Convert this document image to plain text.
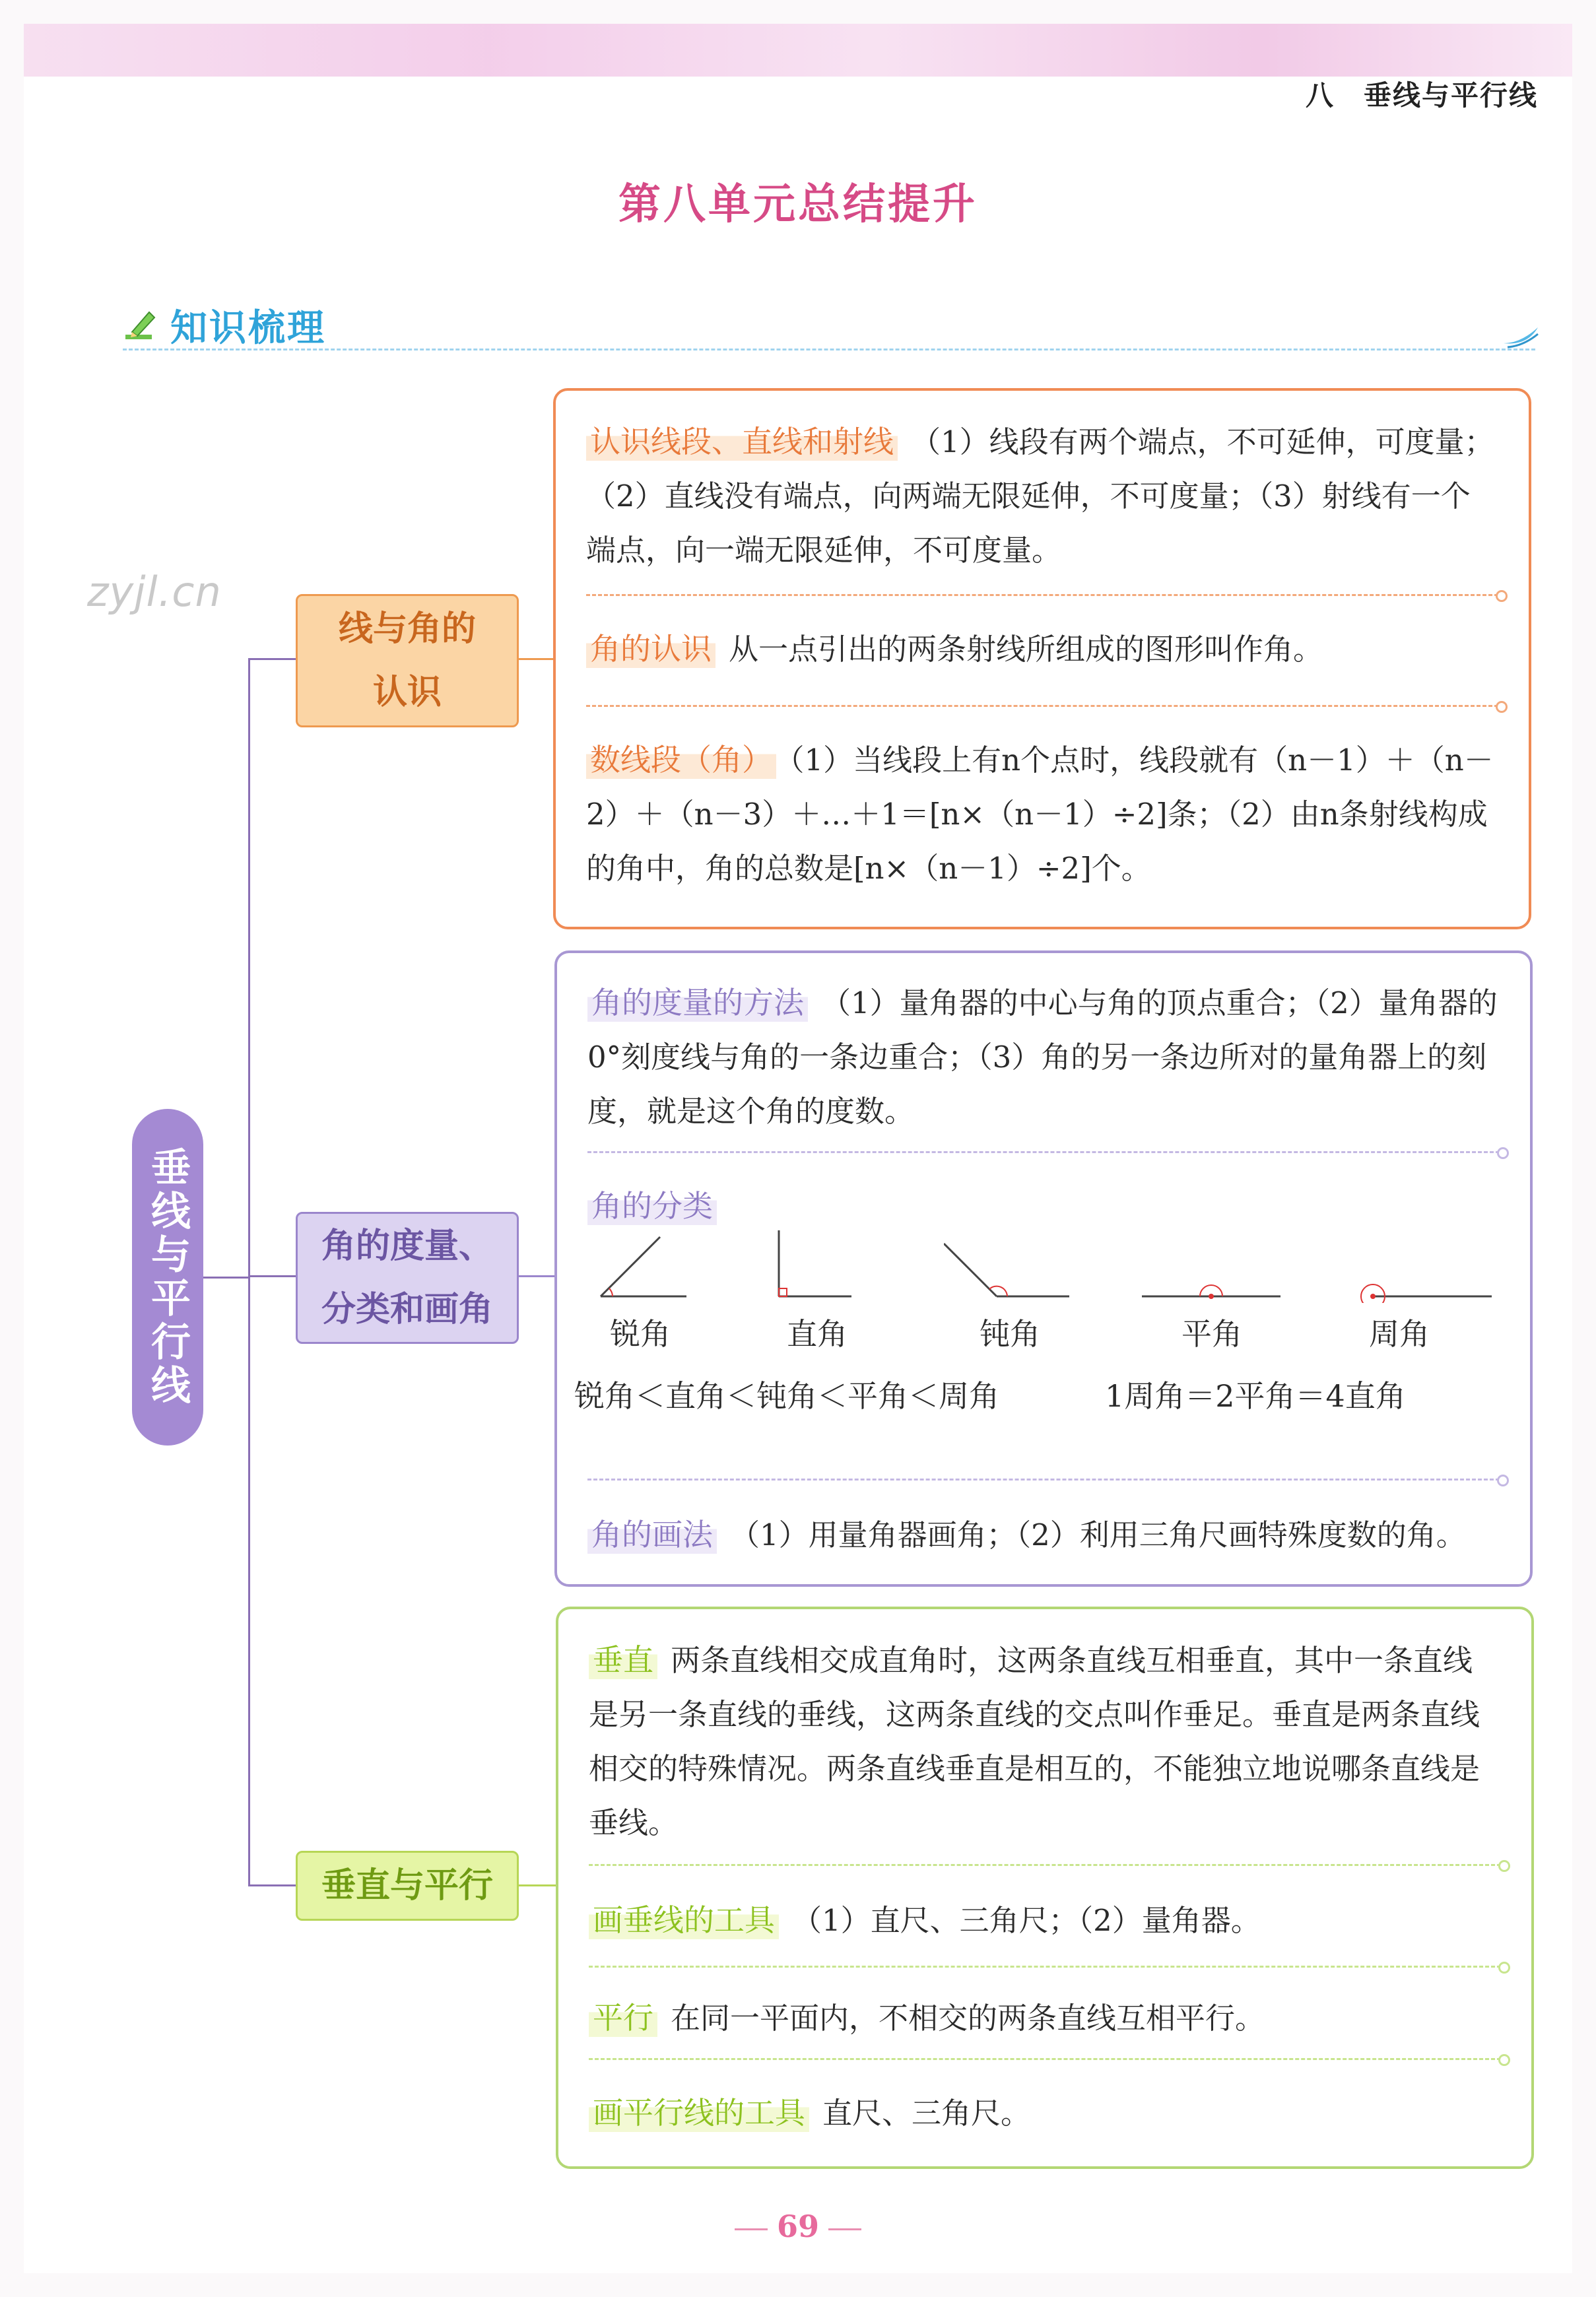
八　垂线与平行线
第八单元总结提升
知识梳理
zyjl.cn
垂线与平行线
线与角的
认识
角的度量、
分类和画角
垂直与平行
认识线段、直线和射线 （1）线段有两个端点，不可延伸，可度量；（2）直线没有端点，向两端无限延伸，不可度量；（3）射线有一个端点，向一端无限延伸，不可度量。
角的认识 从一点引出的两条射线所组成的图形叫作角。
数线段（角） （1）当线段上有n个点时，线段就有（n－1）＋（n－2）＋（n－3）＋…＋1＝[n×（n－1）÷2]条；（2）由n条射线构成的角中，角的总数是[n×（n－1）÷2]个。
角的度量的方法 （1）量角器的中心与角的顶点重合；（2）量角器的0°刻度线与角的一条边重合；（3）角的另一条边所对的量角器上的刻度，就是这个角的度数。
角的分类
锐角	直角	钝角	平角	周角
锐角＜直角＜钝角＜平角＜周角	1周角＝2平角＝4直角
角的画法 （1）用量角器画角；（2）利用三角尺画特殊度数的角。
垂直 两条直线相交成直角时，这两条直线互相垂直，其中一条直线是另一条直线的垂线，这两条直线的交点叫作垂足。垂直是两条直线相交的特殊情况。两条直线垂直是相互的，不能独立地说哪条直线是垂线。
画垂线的工具 （1）直尺、三角尺；（2）量角器。
平行 在同一平面内，不相交的两条直线互相平行。
画平行线的工具 直尺、三角尺。
69
